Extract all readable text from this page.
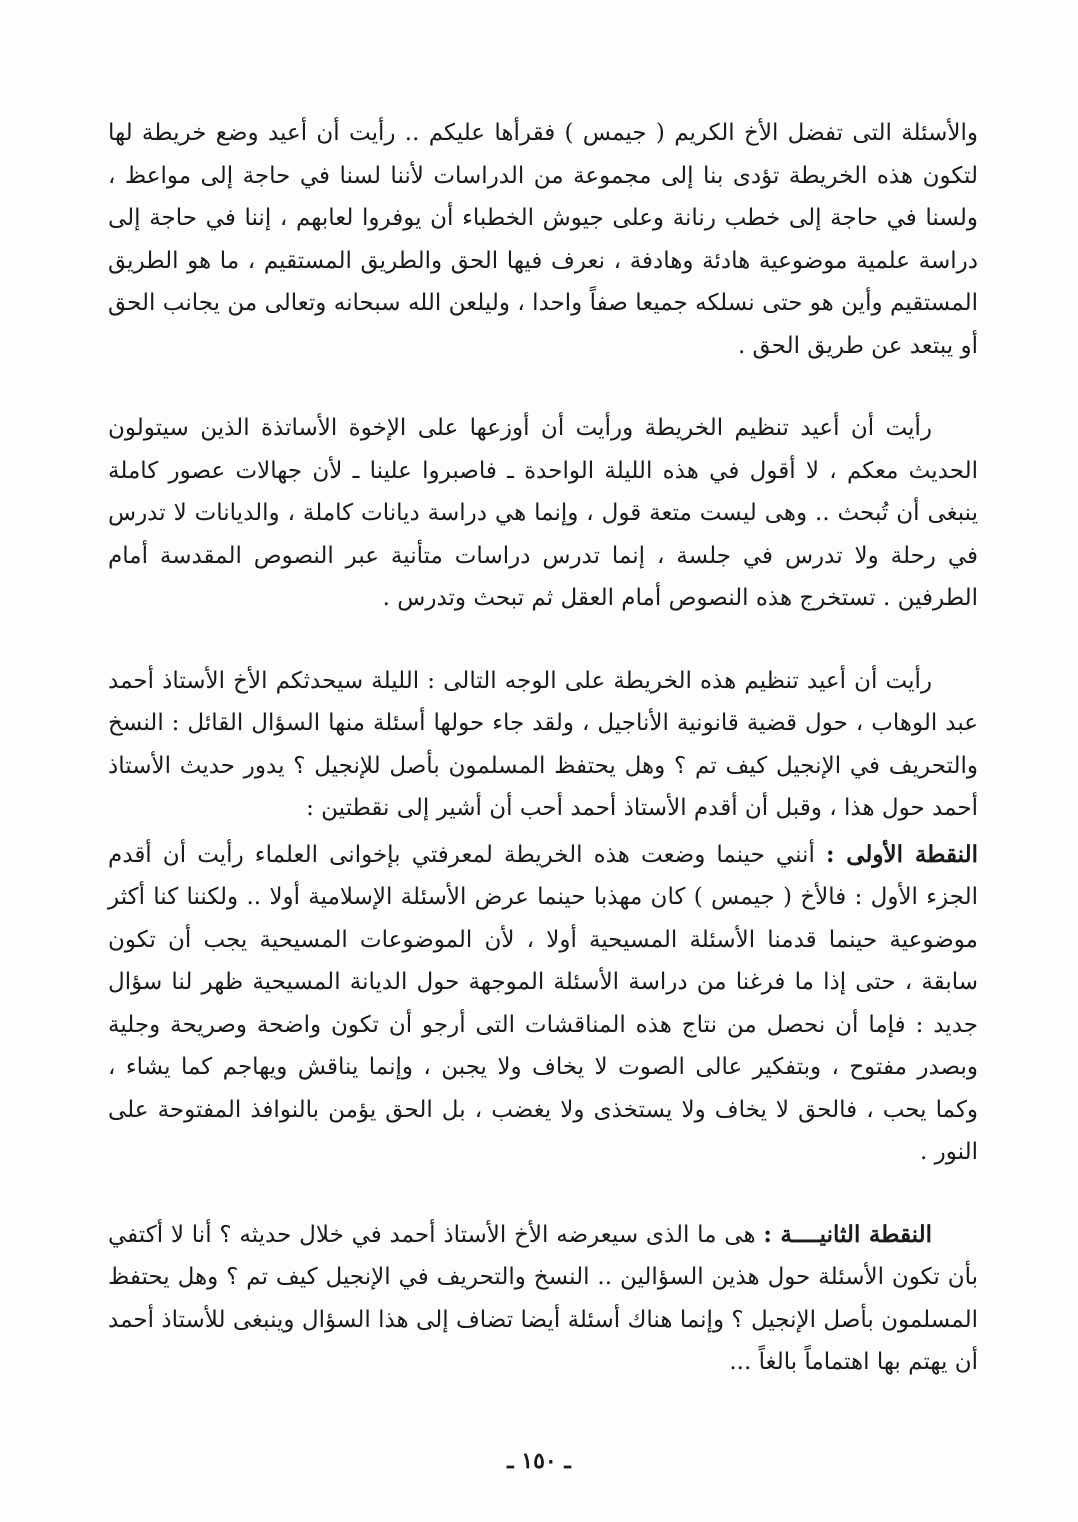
والأسئلة التى تفضل الأخ الكريم ( جيمس ) فقرأها عليكم .. رأيت أن أعيد وضع خريطة لها لتكون هذه الخريطة تؤدى بنا إلى مجموعة من الدراسات لأننا لسنا في حاجة إلى مواعظ ، ولسنا في حاجة إلى خطب رنانة وعلى جيوش الخطباء أن يوفروا لعابهم ، إننا في حاجة إلى دراسة علمية موضوعية هادئة وهادفة ، نعرف فيها الحق والطريق المستقيم ، ما هو الطريق المستقيم وأين هو حتى نسلكه جميعا صفاً واحدا ، وليلعن الله سبحانه وتعالى من يجانب الحق أو يبتعد عن طريق الحق .

رأيت أن أعيد تنظيم الخريطة ورأيت أن أوزعها على الإخوة الأساتذة الذين سيتولون الحديث معكم ، لا أقول في هذه الليلة الواحدة ـ فاصبروا علينا ـ لأن جهالات عصور كاملة ينبغى أن تُبحث .. وهى ليست متعة قول ، وإنما هي دراسة ديانات كاملة ، والديانات لا تدرس في رحلة ولا تدرس في جلسة ، إنما تدرس دراسات متأنية عبر النصوص المقدسة أمام الطرفين . تستخرج هذه النصوص أمام العقل ثم تبحث وتدرس .

رأيت أن أعيد تنظيم هذه الخريطة على الوجه التالى : الليلة سيحدثكم الأخ الأستاذ أحمد عبد الوهاب ، حول قضية قانونية الأناجيل ، ولقد جاء حولها أسئلة منها السؤال القائل : النسخ والتحريف في الإنجيل كيف تم ؟ وهل يحتفظ المسلمون بأصل للإنجيل ؟ يدور حديث الأستاذ أحمد حول هذا ، وقبل أن أقدم الأستاذ أحمد أحب أن أشير إلى نقطتين :

النقطة الأولى : أنني حينما وضعت هذه الخريطة لمعرفتي بإخوانى العلماء رأيت أن أقدم الجزء الأول : فالأخ ( جيمس ) كان مهذبا حينما عرض الأسئلة الإسلامية أولا .. ولكننا كنا أكثر موضوعية حينما قدمنا الأسئلة المسيحية أولا ، لأن الموضوعات المسيحية يجب أن تكون سابقة ، حتى إذا ما فرغنا من دراسة الأسئلة الموجهة حول الديانة المسيحية ظهر لنا سؤال جديد : فإما أن نحصل من نتاج هذه المناقشات التى أرجو أن تكون واضحة وصريحة وجلية وبصدر مفتوح ، وبتفكير عالى الصوت لا يخاف ولا يجبن ، وإنما يناقش ويهاجم كما يشاء ، وكما يحب ، فالحق لا يخاف ولا يستخذى ولا يغضب ، بل الحق يؤمن بالنوافذ المفتوحة على النور .

النقطة الثانيــــة : هى ما الذى سيعرضه الأخ الأستاذ أحمد في خلال حديثه ؟ أنا لا أكتفي بأن تكون الأسئلة حول هذين السؤالين .. النسخ والتحريف في الإنجيل كيف تم ؟ وهل يحتفظ المسلمون بأصل الإنجيل ؟ وإنما هناك أسئلة أيضا تضاف إلى هذا السؤال وينبغى للأستاذ أحمد أن يهتم بها اهتماماً بالغاً ...

ـ ١٥٠ ـ
